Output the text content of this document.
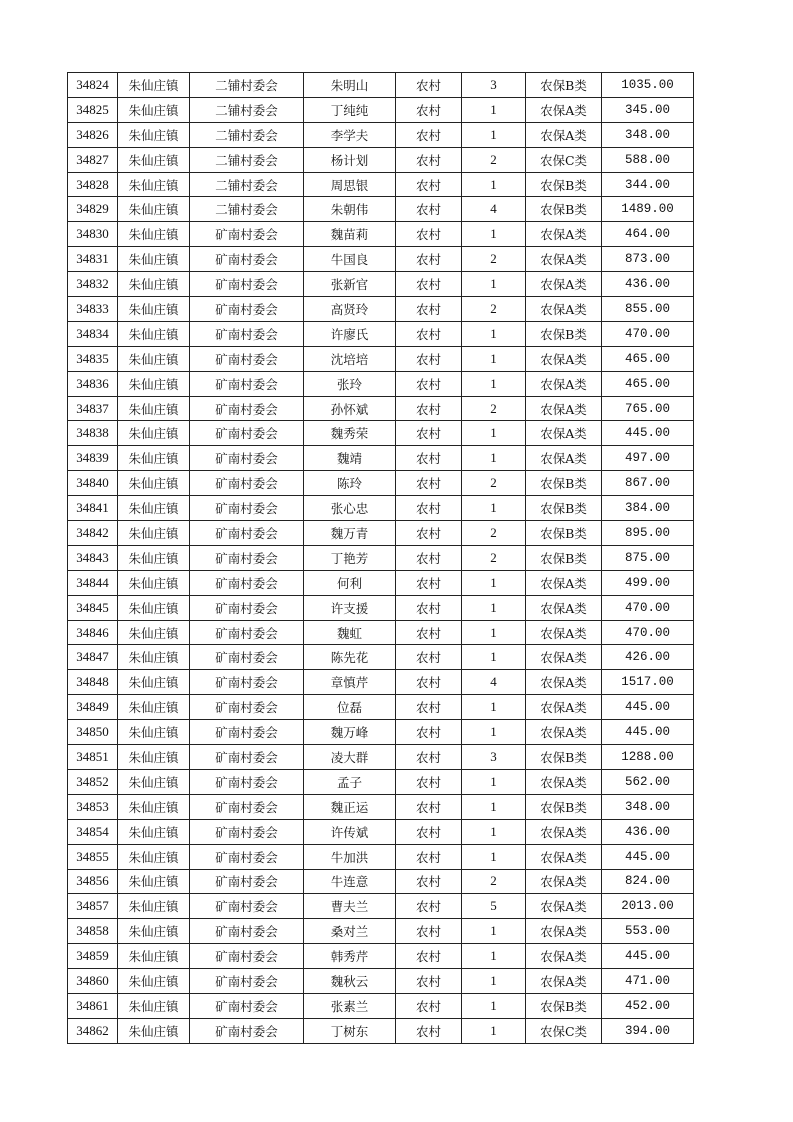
34824	朱仙庄镇	二铺村委会	朱明山	农村	3	农保B类	1035.00
34825	朱仙庄镇	二铺村委会	丁纯纯	农村	1	农保A类	345.00
34826	朱仙庄镇	二铺村委会	李学夫	农村	1	农保A类	348.00
34827	朱仙庄镇	二铺村委会	杨计划	农村	2	农保C类	588.00
34828	朱仙庄镇	二铺村委会	周思银	农村	1	农保B类	344.00
34829	朱仙庄镇	二铺村委会	朱朝伟	农村	4	农保B类	1489.00
34830	朱仙庄镇	矿南村委会	魏苗莉	农村	1	农保A类	464.00
34831	朱仙庄镇	矿南村委会	牛国良	农村	2	农保A类	873.00
34832	朱仙庄镇	矿南村委会	张新官	农村	1	农保A类	436.00
34833	朱仙庄镇	矿南村委会	高贤玲	农村	2	农保A类	855.00
34834	朱仙庄镇	矿南村委会	许廖氏	农村	1	农保B类	470.00
34835	朱仙庄镇	矿南村委会	沈培培	农村	1	农保A类	465.00
34836	朱仙庄镇	矿南村委会	张玲	农村	1	农保A类	465.00
34837	朱仙庄镇	矿南村委会	孙怀斌	农村	2	农保A类	765.00
34838	朱仙庄镇	矿南村委会	魏秀荣	农村	1	农保A类	445.00
34839	朱仙庄镇	矿南村委会	魏靖	农村	1	农保A类	497.00
34840	朱仙庄镇	矿南村委会	陈玲	农村	2	农保B类	867.00
34841	朱仙庄镇	矿南村委会	张心忠	农村	1	农保B类	384.00
34842	朱仙庄镇	矿南村委会	魏万青	农村	2	农保B类	895.00
34843	朱仙庄镇	矿南村委会	丁艳芳	农村	2	农保B类	875.00
34844	朱仙庄镇	矿南村委会	何利	农村	1	农保A类	499.00
34845	朱仙庄镇	矿南村委会	许支援	农村	1	农保A类	470.00
34846	朱仙庄镇	矿南村委会	魏虹	农村	1	农保A类	470.00
34847	朱仙庄镇	矿南村委会	陈先花	农村	1	农保A类	426.00
34848	朱仙庄镇	矿南村委会	章慎芹	农村	4	农保A类	1517.00
34849	朱仙庄镇	矿南村委会	位磊	农村	1	农保A类	445.00
34850	朱仙庄镇	矿南村委会	魏万峰	农村	1	农保A类	445.00
34851	朱仙庄镇	矿南村委会	凌大群	农村	3	农保B类	1288.00
34852	朱仙庄镇	矿南村委会	孟子	农村	1	农保A类	562.00
34853	朱仙庄镇	矿南村委会	魏正运	农村	1	农保B类	348.00
34854	朱仙庄镇	矿南村委会	许传斌	农村	1	农保A类	436.00
34855	朱仙庄镇	矿南村委会	牛加洪	农村	1	农保A类	445.00
34856	朱仙庄镇	矿南村委会	牛连意	农村	2	农保A类	824.00
34857	朱仙庄镇	矿南村委会	曹夫兰	农村	5	农保A类	2013.00
34858	朱仙庄镇	矿南村委会	桑对兰	农村	1	农保A类	553.00
34859	朱仙庄镇	矿南村委会	韩秀芹	农村	1	农保A类	445.00
34860	朱仙庄镇	矿南村委会	魏秋云	农村	1	农保A类	471.00
34861	朱仙庄镇	矿南村委会	张素兰	农村	1	农保B类	452.00
34862	朱仙庄镇	矿南村委会	丁树东	农村	1	农保C类	394.00
